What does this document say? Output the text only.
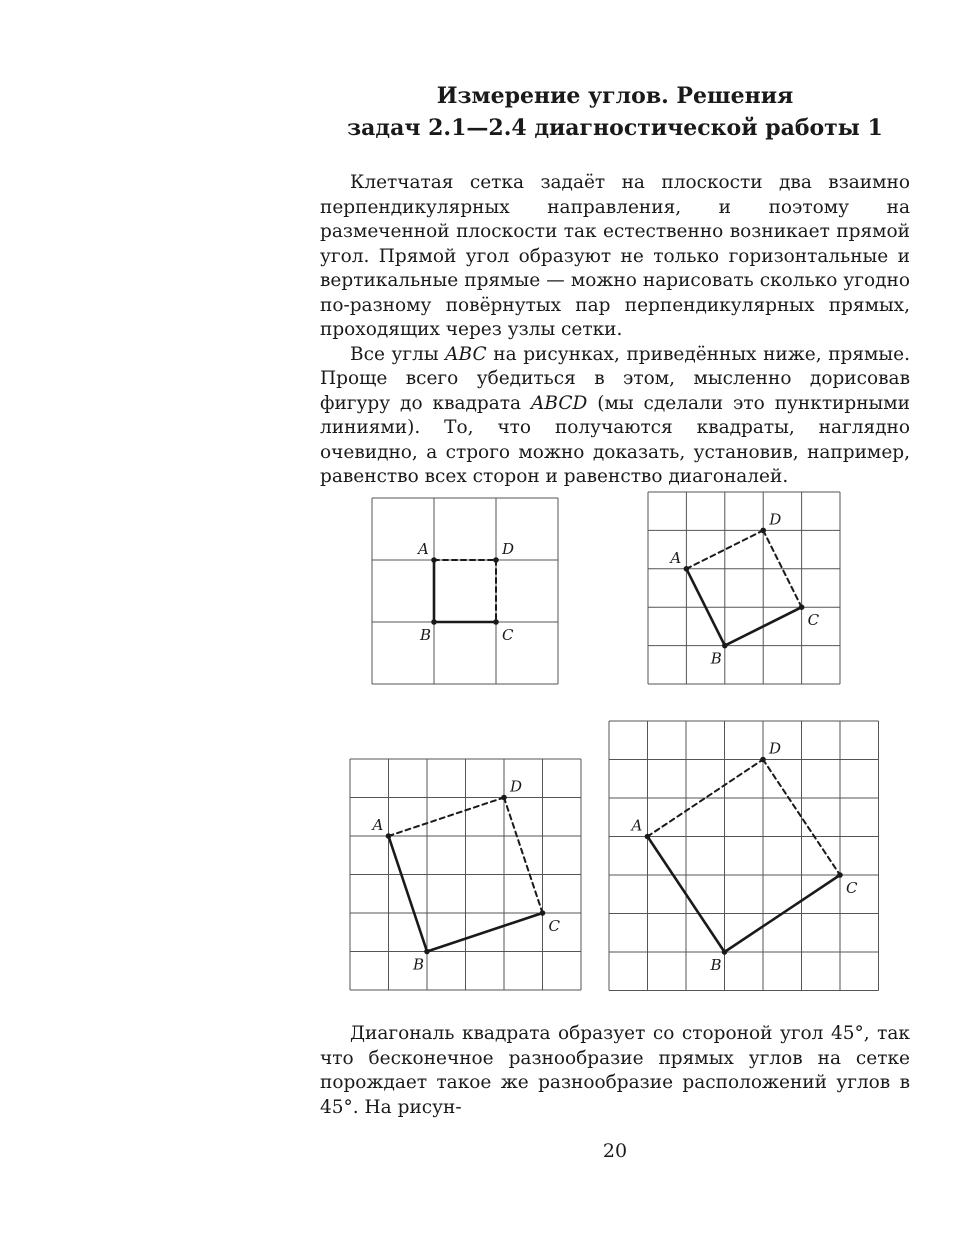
Измерение углов. Решения
задач 2.1—2.4 диагностической работы 1

Клетчатая сетка задаёт на плоскости два взаимно перпендикулярных направления, и поэтому на размеченной плоскости так естественно возникает прямой угол. Прямой угол образуют не только горизонтальные и вертикальные прямые — можно нарисовать сколько угодно по-разному повёрнутых пар перпендикулярных прямых, проходящих через узлы сетки.

Все углы ABC на рисунках, приведённых ниже, прямые. Проще всего убедиться в этом, мысленно дорисовав фигуру до квадрата ABCD (мы сделали это пунктирными линиями). То, что получаются квадраты, наглядно очевидно, а строго можно доказать, установив, например, равенство всех сторон и равенство диагоналей.

A
B	C
D	A
B
C
D
A
B
C
D
A
B
C
D

Диагональ квадрата образует со стороной угол 45°, так что бесконечное разнообразие прямых углов на сетке порождает такое же разнообразие расположений углов в 45°. На рисун-

20
